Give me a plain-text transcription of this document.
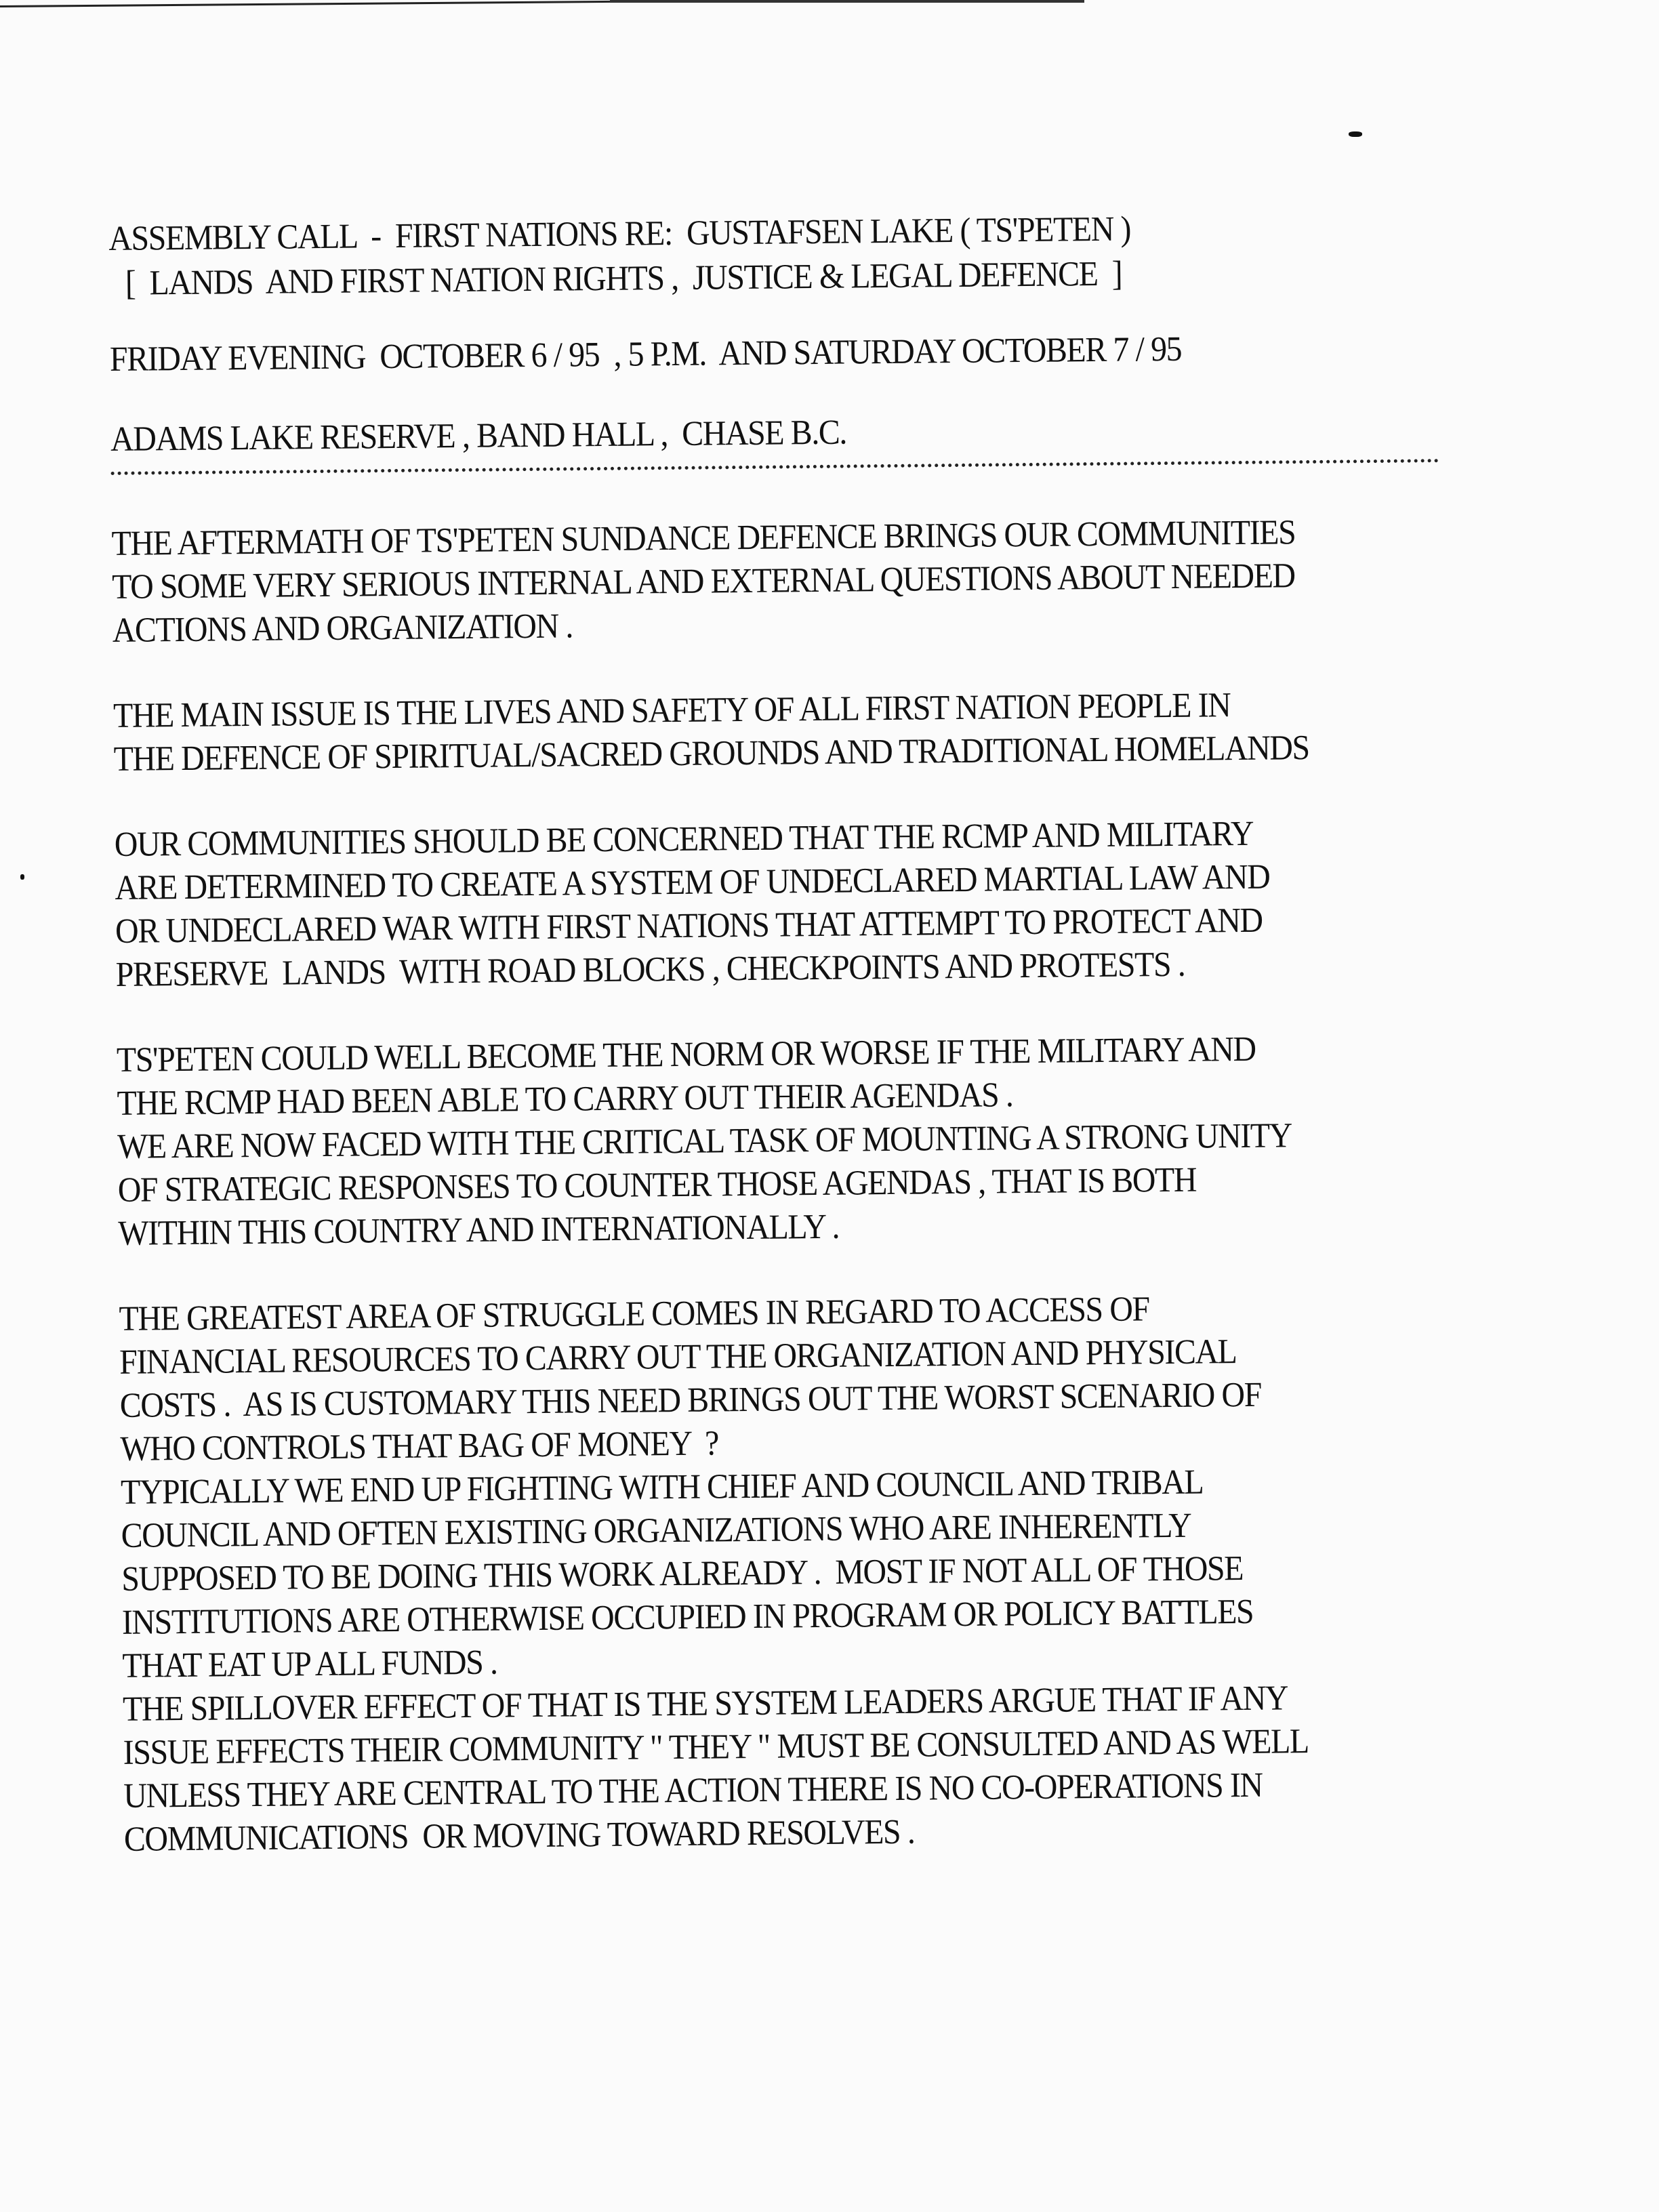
ASSEMBLY CALL  -  FIRST NATIONS RE:  GUSTAFSEN LAKE ( TS'PETEN )
[  LANDS  AND FIRST NATION RIGHTS ,  JUSTICE & LEGAL DEFENCE  ]
FRIDAY EVENING  OCTOBER 6 / 95  , 5 P.M.  AND SATURDAY OCTOBER 7 / 95
ADAMS LAKE RESERVE , BAND HALL ,  CHASE B.C.
THE AFTERMATH OF TS'PETEN SUNDANCE DEFENCE BRINGS OUR COMMUNITIES
TO SOME VERY SERIOUS INTERNAL AND EXTERNAL QUESTIONS ABOUT NEEDED
ACTIONS AND ORGANIZATION .
THE MAIN ISSUE IS THE LIVES AND SAFETY OF ALL FIRST NATION PEOPLE IN
THE DEFENCE OF SPIRITUAL/SACRED GROUNDS AND TRADITIONAL HOMELANDS
OUR COMMUNITIES SHOULD BE CONCERNED THAT THE RCMP AND MILITARY
ARE DETERMINED TO CREATE A SYSTEM OF UNDECLARED MARTIAL LAW AND
OR UNDECLARED WAR WITH FIRST NATIONS THAT ATTEMPT TO PROTECT AND
PRESERVE  LANDS  WITH ROAD BLOCKS , CHECKPOINTS AND PROTESTS .
TS'PETEN COULD WELL BECOME THE NORM OR WORSE IF THE MILITARY AND
THE RCMP HAD BEEN ABLE TO CARRY OUT THEIR AGENDAS .
WE ARE NOW FACED WITH THE CRITICAL TASK OF MOUNTING A STRONG UNITY
OF STRATEGIC RESPONSES TO COUNTER THOSE AGENDAS , THAT IS BOTH
WITHIN THIS COUNTRY AND INTERNATIONALLY .
THE GREATEST AREA OF STRUGGLE COMES IN REGARD TO ACCESS OF
FINANCIAL RESOURCES TO CARRY OUT THE ORGANIZATION AND PHYSICAL
COSTS .  AS IS CUSTOMARY THIS NEED BRINGS OUT THE WORST SCENARIO OF
WHO CONTROLS THAT BAG OF MONEY  ?
TYPICALLY WE END UP FIGHTING WITH CHIEF AND COUNCIL AND TRIBAL
COUNCIL AND OFTEN EXISTING ORGANIZATIONS WHO ARE INHERENTLY
SUPPOSED TO BE DOING THIS WORK ALREADY .  MOST IF NOT ALL OF THOSE
INSTITUTIONS ARE OTHERWISE OCCUPIED IN PROGRAM OR POLICY BATTLES
THAT EAT UP ALL FUNDS .
THE SPILLOVER EFFECT OF THAT IS THE SYSTEM LEADERS ARGUE THAT IF ANY
ISSUE EFFECTS THEIR COMMUNITY " THEY " MUST BE CONSULTED AND AS WELL
UNLESS THEY ARE CENTRAL TO THE ACTION THERE IS NO CO-OPERATIONS IN
COMMUNICATIONS  OR MOVING TOWARD RESOLVES .
